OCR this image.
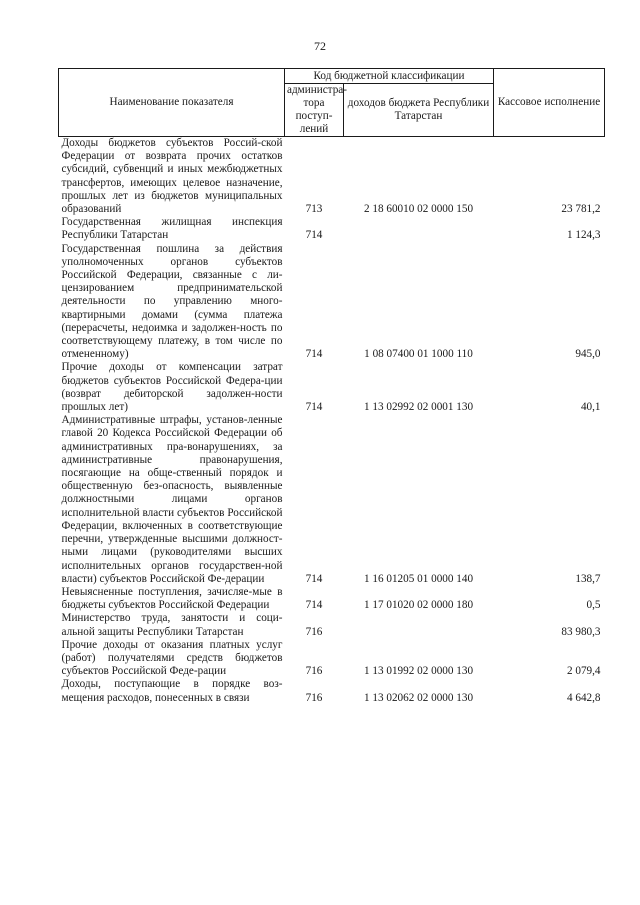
72
Наименование показателя	Код бюджетной классификации		Кассовое исполнение
	администра-тора поступ-лений	доходов бюджета Республики Татарстан	
Доходы бюджетов субъектов Россий-ской Федерации от возврата прочих остатков субсидий, субвенций и иных межбюджетных трансфертов, имеющих целевое назначение, прошлых лет из бюджетов муниципальных образований	713	2 18 60010 02 0000 150	23 781,2
Государственная жилищная инспекция Республики Татарстан	714		1 124,3
Государственная пошлина за действия уполномоченных органов субъектов Российской Федерации, связанные с ли-цензированием предпринимательской деятельности по управлению много-квартирными домами (сумма платежа (перерасчеты, недоимка и задолжен-ность по соответствующему платежу, в том числе по отмененному)	714	1 08 07400 01 1000 110	945,0
Прочие доходы от компенсации затрат бюджетов субъектов Российской Федера-ции (возврат дебиторской задолжен-ности прошлых лет)	714	1 13 02992 02 0001 130	40,1
Административные штрафы, установ-ленные главой 20 Кодекса Российской Федерации об административных пра-вонарушениях, за административные правонарушения, посягающие на обще-ственный порядок и общественную без-опасность, выявленные должностными лицами органов исполнительной власти субъектов Российской Федерации, включенных в соответствующие перечни, утвержденные высшими должност-ными лицами (руководителями высших исполнительных органов государствен-ной власти) субъектов Российской Фе-дерации	714	1 16 01205 01 0000 140	138,7
Невыясненные поступления, зачисляе-мые в бюджеты субъектов Российской Федерации	714	1 17 01020 02 0000 180	0,5
Министерство труда, занятости и соци-альной защиты Республики Татарстан	716		83 980,3
Прочие доходы от оказания платных услуг (работ) получателями средств бюджетов субъектов Российской Феде-рации	716	1 13 01992 02 0000 130	2 079,4
Доходы, поступающие в порядке воз-мещения расходов, понесенных в связи	716	1 13 02062 02 0000 130	4 642,8
